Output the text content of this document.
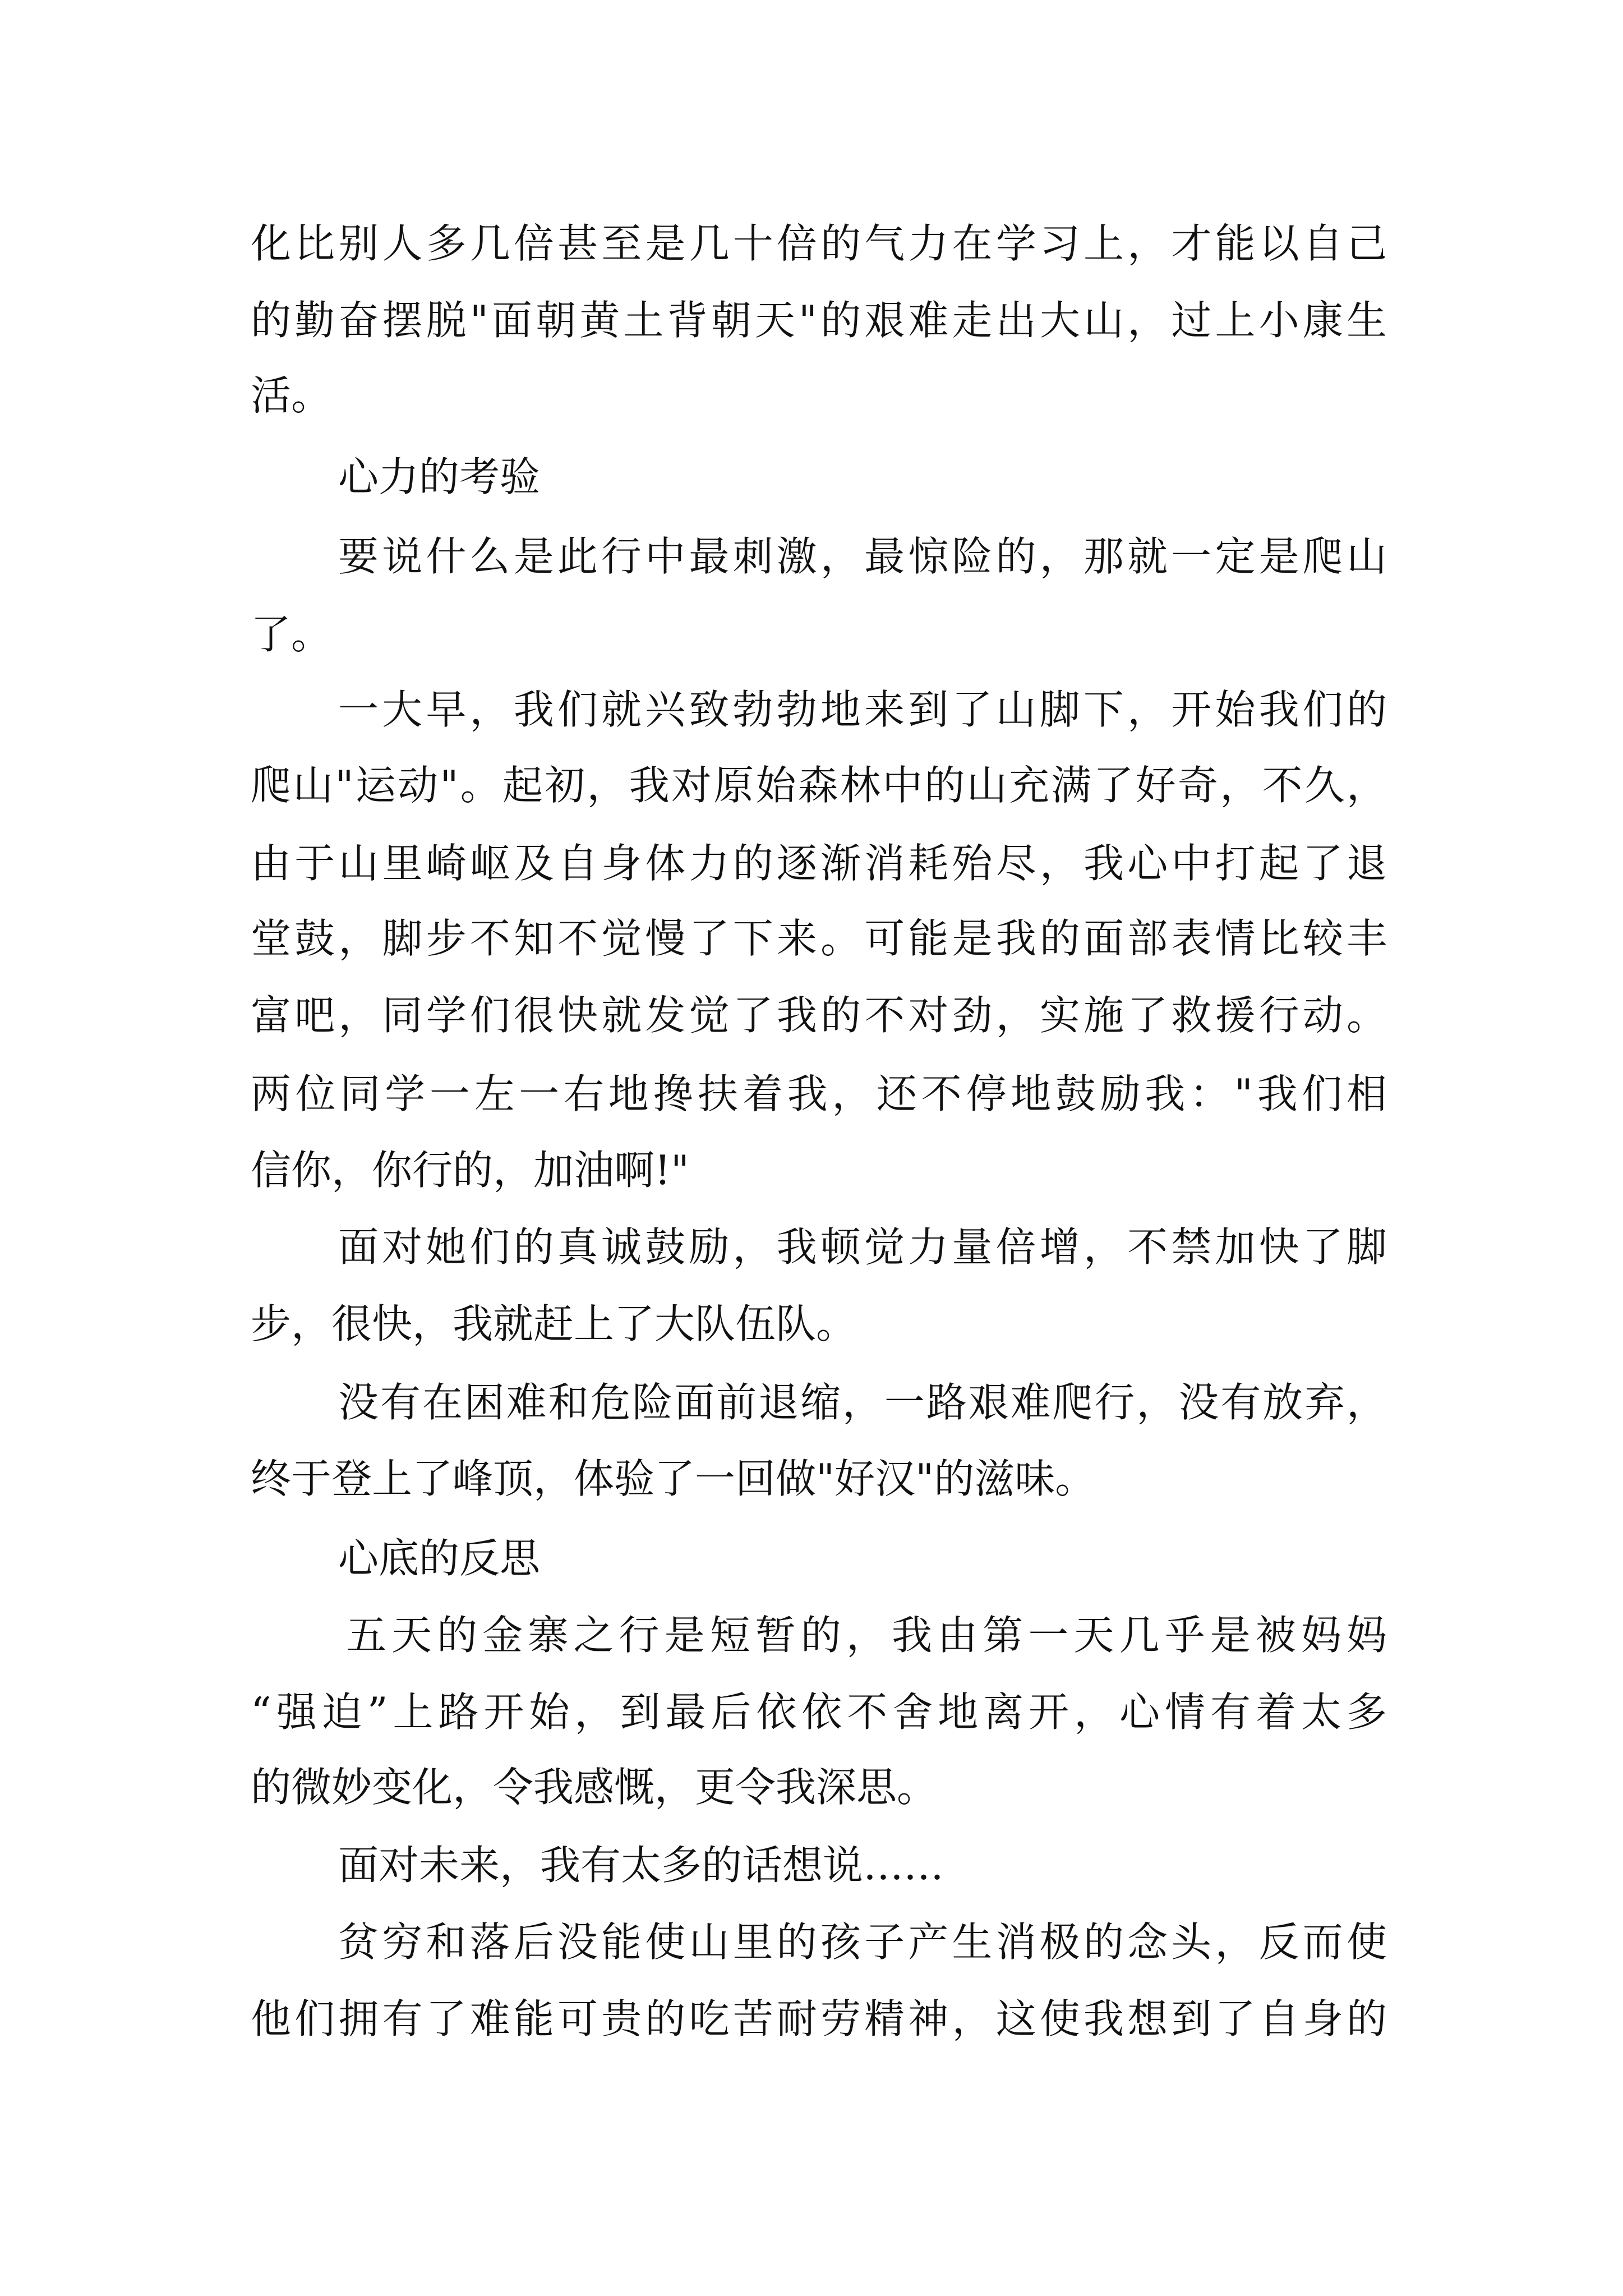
化比别人多几倍甚至是几十倍的气力在学习上，才能以自己
的勤奋摆脱"面朝黄土背朝天"的艰难走出大山，过上小康生
活。
心力的考验
要说什么是此行中最刺激，最惊险的，那就一定是爬山
了。
一大早，我们就兴致勃勃地来到了山脚下，开始我们的
爬山"运动"。起初，我对原始森林中的山充满了好奇，不久，
由于山里崎岖及自身体力的逐渐消耗殆尽，我心中打起了退
堂鼓，脚步不知不觉慢了下来。可能是我的面部表情比较丰
富吧，同学们很快就发觉了我的不对劲，实施了救援行动。
两位同学一左一右地搀扶着我，还不停地鼓励我："我们相
信你，你行的，加油啊!"
面对她们的真诚鼓励，我顿觉力量倍增，不禁加快了脚
步，很快，我就赶上了大队伍队。
没有在困难和危险面前退缩，一路艰难爬行，没有放弃，
终于登上了峰顶，体验了一回做"好汉"的滋味。
心底的反思
五天的金寨之行是短暂的，我由第一天几乎是被妈妈
“强迫”上路开始，到最后依依不舍地离开，心情有着太多
的微妙变化，令我感慨，更令我深思。
面对未来，我有太多的话想说……
贫穷和落后没能使山里的孩子产生消极的念头，反而使
他们拥有了难能可贵的吃苦耐劳精神，这使我想到了自身的
